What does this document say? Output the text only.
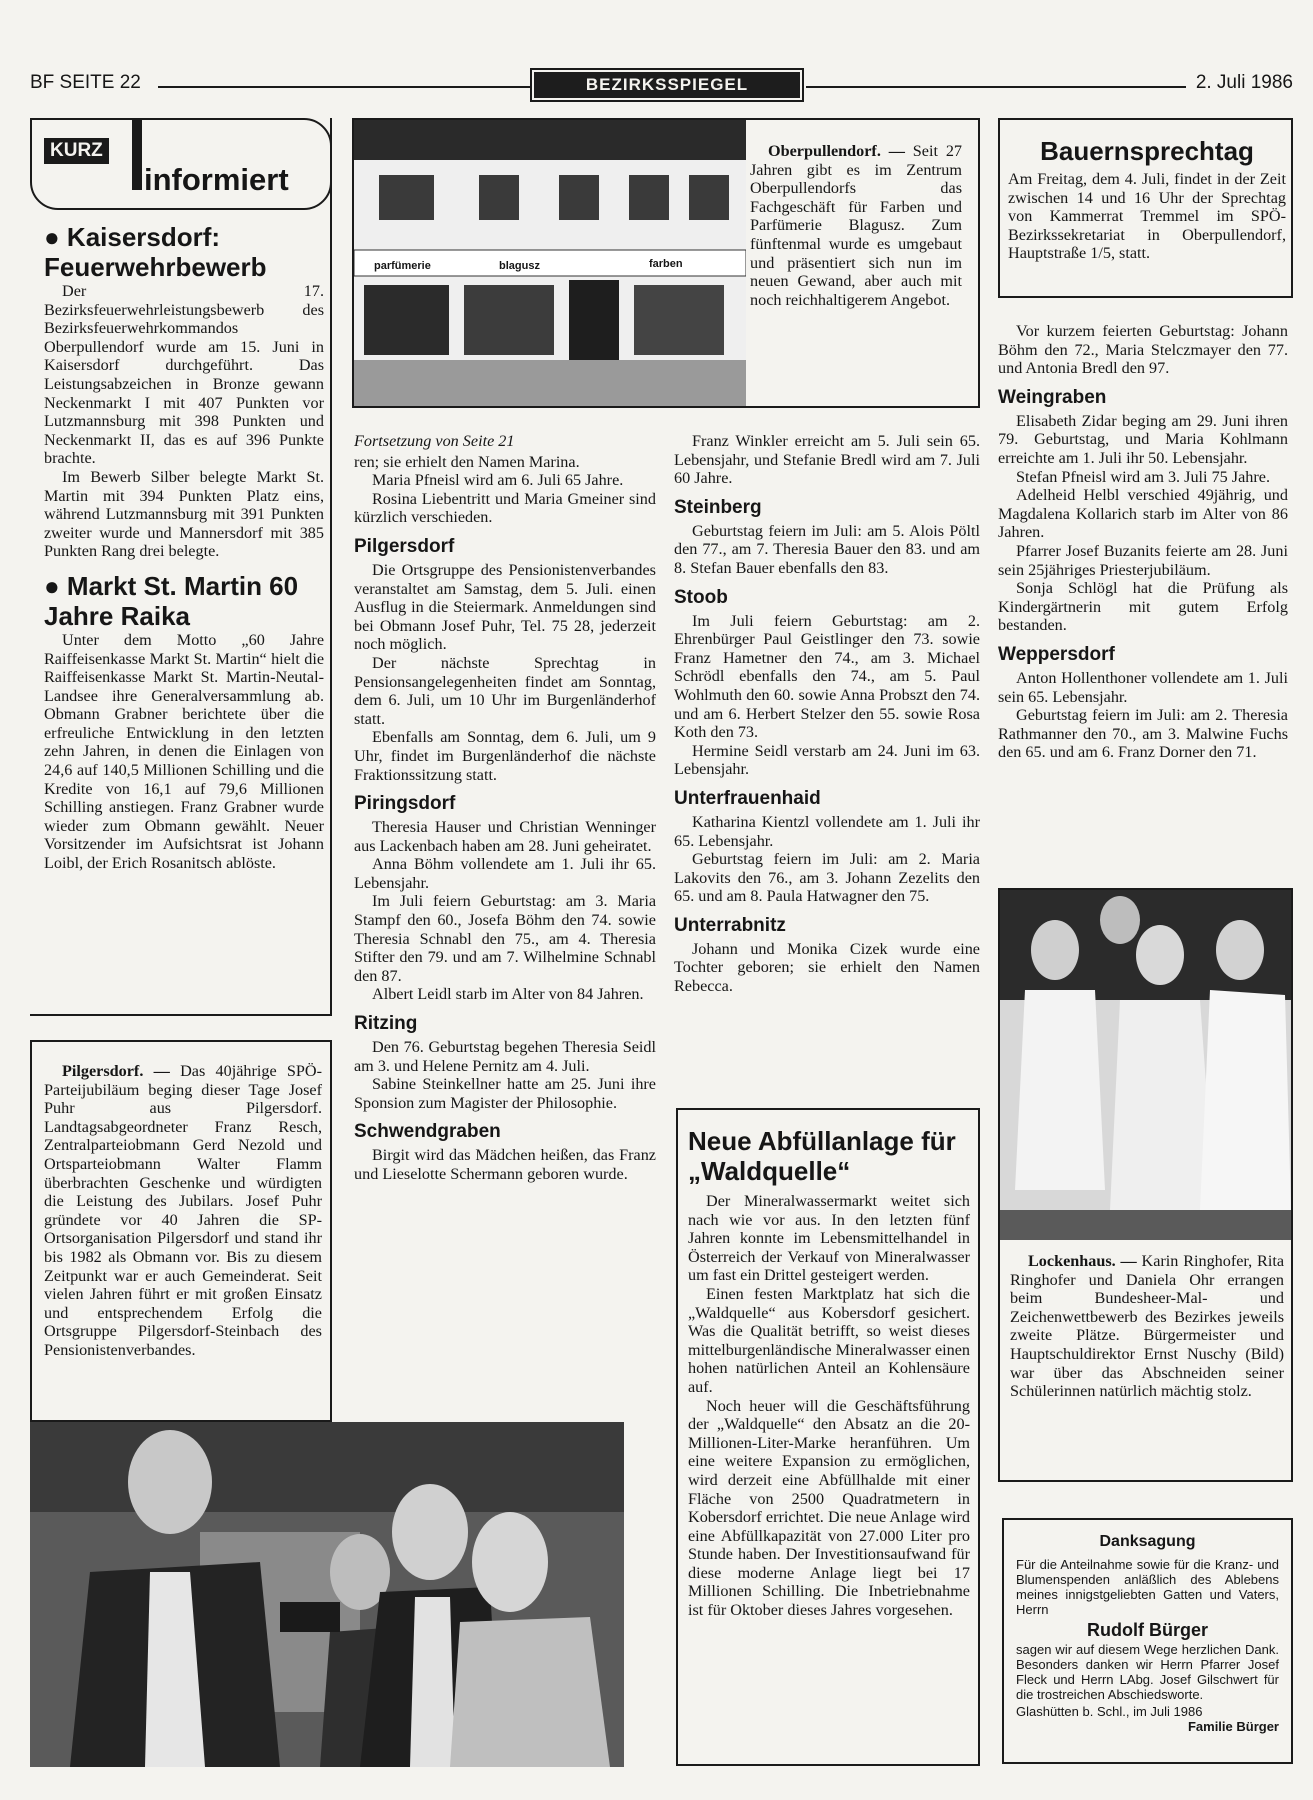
BF SEITE 22	BEZIRKSSPIEGEL	2. Juli 1986
KURZ
informiert
● Kaisersdorf: Feuerwehrbewerb

Der 17. Bezirksfeuerwehrleistungsbewerb des Bezirksfeuerwehrkommandos Oberpullendorf wurde am 15. Juni in Kaisersdorf durchgeführt. Das Leistungsabzeichen in Bronze gewann Neckenmarkt I mit 407 Punkten vor Lutzmannsburg mit 398 Punkten und Neckenmarkt II, das es auf 396 Punkte brachte.

Im Bewerb Silber belegte Markt St. Martin mit 394 Punkten Platz eins, während Lutzmannsburg mit 391 Punkten zweiter wurde und Mannersdorf mit 385 Punkten Rang drei belegte.

● Markt St. Martin 60 Jahre Raika

Unter dem Motto „60 Jahre Raiffeisenkasse Markt St. Martin“ hielt die Raiffeisenkasse Markt St. Martin-Neutal-Landsee ihre Generalversammlung ab. Obmann Grabner berichtete über die erfreuliche Entwicklung in den letzten zehn Jahren, in denen die Einlagen von 24,6 auf 140,5 Millionen Schilling und die Kredite von 16,1 auf 79,6 Millionen Schilling anstiegen. Franz Grabner wurde wieder zum Obmann gewählt. Neuer Vorsitzender im Aufsichtsrat ist Johann Loibl, der Erich Rosanitsch ablöste.

Pilgersdorf. — Das 40jährige SPÖ-Parteijubiläum beging dieser Tage Josef Puhr aus Pilgersdorf. Landtagsabgeordneter Franz Resch, Zentralparteiobmann Gerd Nezold und Ortsparteiobmann Walter Flamm überbrachten Geschenke und würdigten die Leistung des Jubilars. Josef Puhr gründete vor 40 Jahren die SP-Ortsorganisation Pilgersdorf und stand ihr bis 1982 als Obmann vor. Bis zu diesem Zeitpunkt war er auch Gemeinderat. Seit vielen Jahren führt er mit großen Einsatz und entsprechendem Erfolg die Ortsgruppe Pilgersdorf-Steinbach des Pensionistenverbandes.

parfümerie	blagusz	farben

Oberpullendorf. — Seit 27 Jahren gibt es im Zentrum Oberpullendorfs das Fachgeschäft für Farben und Parfümerie Blagusz. Zum fünftenmal wurde es umgebaut und präsentiert sich nun im neuen Gewand, aber auch mit noch reichhaltigerem Angebot.

Fortsetzung von Seite 21

ren; sie erhielt den Namen Marina.

Maria Pfneisl wird am 6. Juli 65 Jahre.

Rosina Liebentritt und Maria Gmeiner sind kürzlich verschieden.

Pilgersdorf

Die Ortsgruppe des Pensionistenverbandes veranstaltet am Samstag, dem 5. Juli. einen Ausflug in die Steiermark. Anmeldungen sind bei Obmann Josef Puhr, Tel. 75 28, jederzeit noch möglich.

Der nächste Sprechtag in Pensionsangelegenheiten findet am Sonntag, dem 6. Juli, um 10 Uhr im Burgenländerhof statt.

Ebenfalls am Sonntag, dem 6. Juli, um 9 Uhr, findet im Burgenländerhof die nächste Fraktionssitzung statt.

Piringsdorf

Theresia Hauser und Christian Wenninger aus Lackenbach haben am 28. Juni geheiratet.

Anna Böhm vollendete am 1. Juli ihr 65. Lebensjahr.

Im Juli feiern Geburtstag: am 3. Maria Stampf den 60., Josefa Böhm den 74. sowie Theresia Schnabl den 75., am 4. Theresia Stifter den 79. und am 7. Wilhelmine Schnabl den 87.

Albert Leidl starb im Alter von 84 Jahren.

Ritzing

Den 76. Geburtstag begehen Theresia Seidl am 3. und Helene Pernitz am 4. Juli.

Sabine Steinkellner hatte am 25. Juni ihre Sponsion zum Magister der Philosophie.

Schwendgraben

Birgit wird das Mädchen heißen, das Franz und Lieselotte Schermann geboren wurde.

Franz Winkler erreicht am 5. Juli sein 65. Lebensjahr, und Stefanie Bredl wird am 7. Juli 60 Jahre.

Steinberg

Geburtstag feiern im Juli: am 5. Alois Pöltl den 77., am 7. Theresia Bauer den 83. und am 8. Stefan Bauer ebenfalls den 83.

Stoob

Im Juli feiern Geburtstag: am 2. Ehrenbürger Paul Geistlinger den 73. sowie Franz Hametner den 74., am 3. Michael Schrödl ebenfalls den 74., am 5. Paul Wohlmuth den 60. sowie Anna Probszt den 74. und am 6. Herbert Stelzer den 55. sowie Rosa Koth den 73.

Hermine Seidl verstarb am 24. Juni im 63. Lebensjahr.

Unterfrauenhaid

Katharina Kientzl vollendete am 1. Juli ihr 65. Lebensjahr.

Geburtstag feiern im Juli: am 2. Maria Lakovits den 76., am 3. Johann Zezelits den 65. und am 8. Paula Hatwagner den 75.

Unterrabnitz

Johann und Monika Cizek wurde eine Tochter geboren; sie erhielt den Namen Rebecca.

Neue Abfüllanlage für „Waldquelle“

Der Mineralwassermarkt weitet sich nach wie vor aus. In den letzten fünf Jahren konnte im Lebensmittelhandel in Österreich der Verkauf von Mineralwasser um fast ein Drittel gesteigert werden.

Einen festen Marktplatz hat sich die „Waldquelle“ aus Kobersdorf gesichert. Was die Qualität betrifft, so weist dieses mittelburgenländische Mineralwasser einen hohen natürlichen Anteil an Kohlensäure auf.

Noch heuer will die Geschäftsführung der „Waldquelle“ den Absatz an die 20-Millionen-Liter-Marke heranführen. Um eine weitere Expansion zu ermöglichen, wird derzeit eine Abfüllhalde mit einer Fläche von 2500 Quadratmetern in Kobersdorf errichtet. Die neue Anlage wird eine Abfüllkapazität von 27.000 Liter pro Stunde haben. Der Investitionsaufwand für diese moderne Anlage liegt bei 17 Millionen Schilling. Die Inbetriebnahme ist für Oktober dieses Jahres vorgesehen.

Bauernsprechtag

Am Freitag, dem 4. Juli, findet in der Zeit zwischen 14 und 16 Uhr der Sprechtag von Kammerrat Tremmel im SPÖ-Bezirkssekretariat in Oberpullendorf, Hauptstraße 1/5, statt.

Vor kurzem feierten Geburtstag: Johann Böhm den 72., Maria Stelczmayer den 77. und Antonia Bredl den 97.

Weingraben

Elisabeth Zidar beging am 29. Juni ihren 79. Geburtstag, und Maria Kohlmann erreichte am 1. Juli ihr 50. Lebensjahr.

Stefan Pfneisl wird am 3. Juli 75 Jahre.

Adelheid Helbl verschied 49jährig, und Magdalena Kollarich starb im Alter von 86 Jahren.

Pfarrer Josef Buzanits feierte am 28. Juni sein 25jähriges Priesterjubiläum.

Sonja Schlögl hat die Prüfung als Kindergärtnerin mit gutem Erfolg bestanden.

Weppersdorf

Anton Hollenthoner vollendete am 1. Juli sein 65. Lebensjahr.

Geburtstag feiern im Juli: am 2. Theresia Rathmanner den 70., am 3. Malwine Fuchs den 65. und am 6. Franz Dorner den 71.

Lockenhaus. — Karin Ringhofer, Rita Ringhofer und Daniela Ohr errangen beim Bundesheer-Mal- und Zeichenwettbewerb des Bezirkes jeweils zweite Plätze. Bürgermeister und Hauptschuldirektor Ernst Nuschy (Bild) war über das Abschneiden seiner Schülerinnen natürlich mächtig stolz.

Danksagung
Für die Anteilnahme sowie für die Kranz- und Blumenspenden anläßlich des Ablebens meines innigstgeliebten Gatten und Vaters, Herrn
Rudolf Bürger
sagen wir auf diesem Wege herzlichen Dank. Besonders danken wir Herrn Pfarrer Josef Fleck und Herrn LAbg. Josef Gilschwert für die trostreichen Abschiedsworte.
Glashütten b. Schl., im Juli 1986
Familie Bürger
